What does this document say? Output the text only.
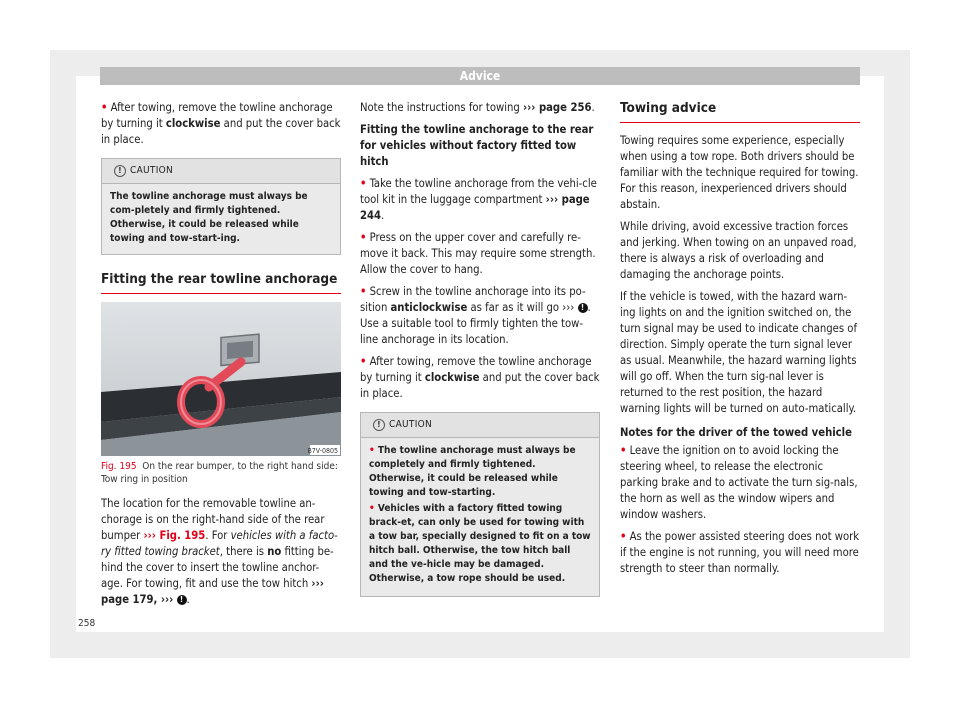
Advice

• After towing, remove the towline anchorage by turning it clockwise and put the cover back in place.

! CAUTION
The towline anchorage must always be com-pletely and firmly tightened. Otherwise, it could be released while towing and tow-start-ing.
Fitting the rear towline anchorage
B7V-0805
Fig. 195 On the rear bumper, to the right hand side: Tow ring in position

The location for the removable towline an-chorage is on the right-hand side of the rear bumper ››› Fig. 195. For vehicles with a facto-ry fitted towing bracket, there is no fitting be-hind the cover to insert the towline anchor-age. For towing, fit and use the tow hitch ››› page 179, ››› ! .

Note the instructions for towing ››› page 256.

Fitting the towline anchorage to the rear for vehicles without factory fitted tow hitch

• Take the towline anchorage from the vehi-cle tool kit in the luggage compartment ››› page 244.

• Press on the upper cover and carefully re-move it back. This may require some strength. Allow the cover to hang.

• Screw in the towline anchorage into its po-sition anticlockwise as far as it will go ››› ! . Use a suitable tool to firmly tighten the tow-line anchorage in its location.

• After towing, remove the towline anchorage by turning it clockwise and put the cover back in place.

! CAUTION

• The towline anchorage must always be completely and firmly tightened. Otherwise, it could be released while towing and tow-starting.

• Vehicles with a factory fitted towing brack-et, can only be used for towing with a tow bar, specially designed to fit on a tow hitch ball. Otherwise, the tow hitch ball and the ve-hicle may be damaged. Otherwise, a tow rope should be used.

Towing advice

Towing requires some experience, especially when using a tow rope. Both drivers should be familiar with the technique required for towing. For this reason, inexperienced drivers should abstain.

While driving, avoid excessive traction forces and jerking. When towing on an unpaved road, there is always a risk of overloading and damaging the anchorage points.

If the vehicle is towed, with the hazard warn-ing lights on and the ignition switched on, the turn signal may be used to indicate changes of direction. Simply operate the turn signal lever as usual. Meanwhile, the hazard warning lights will go off. When the turn sig-nal lever is returned to the rest position, the hazard warning lights will be turned on auto-matically.

Notes for the driver of the towed vehicle

• Leave the ignition on to avoid locking the steering wheel, to release the electronic parking brake and to activate the turn sig-nals, the horn as well as the window wipers and window washers.

• As the power assisted steering does not work if the engine is not running, you will need more strength to steer than normally.

258
